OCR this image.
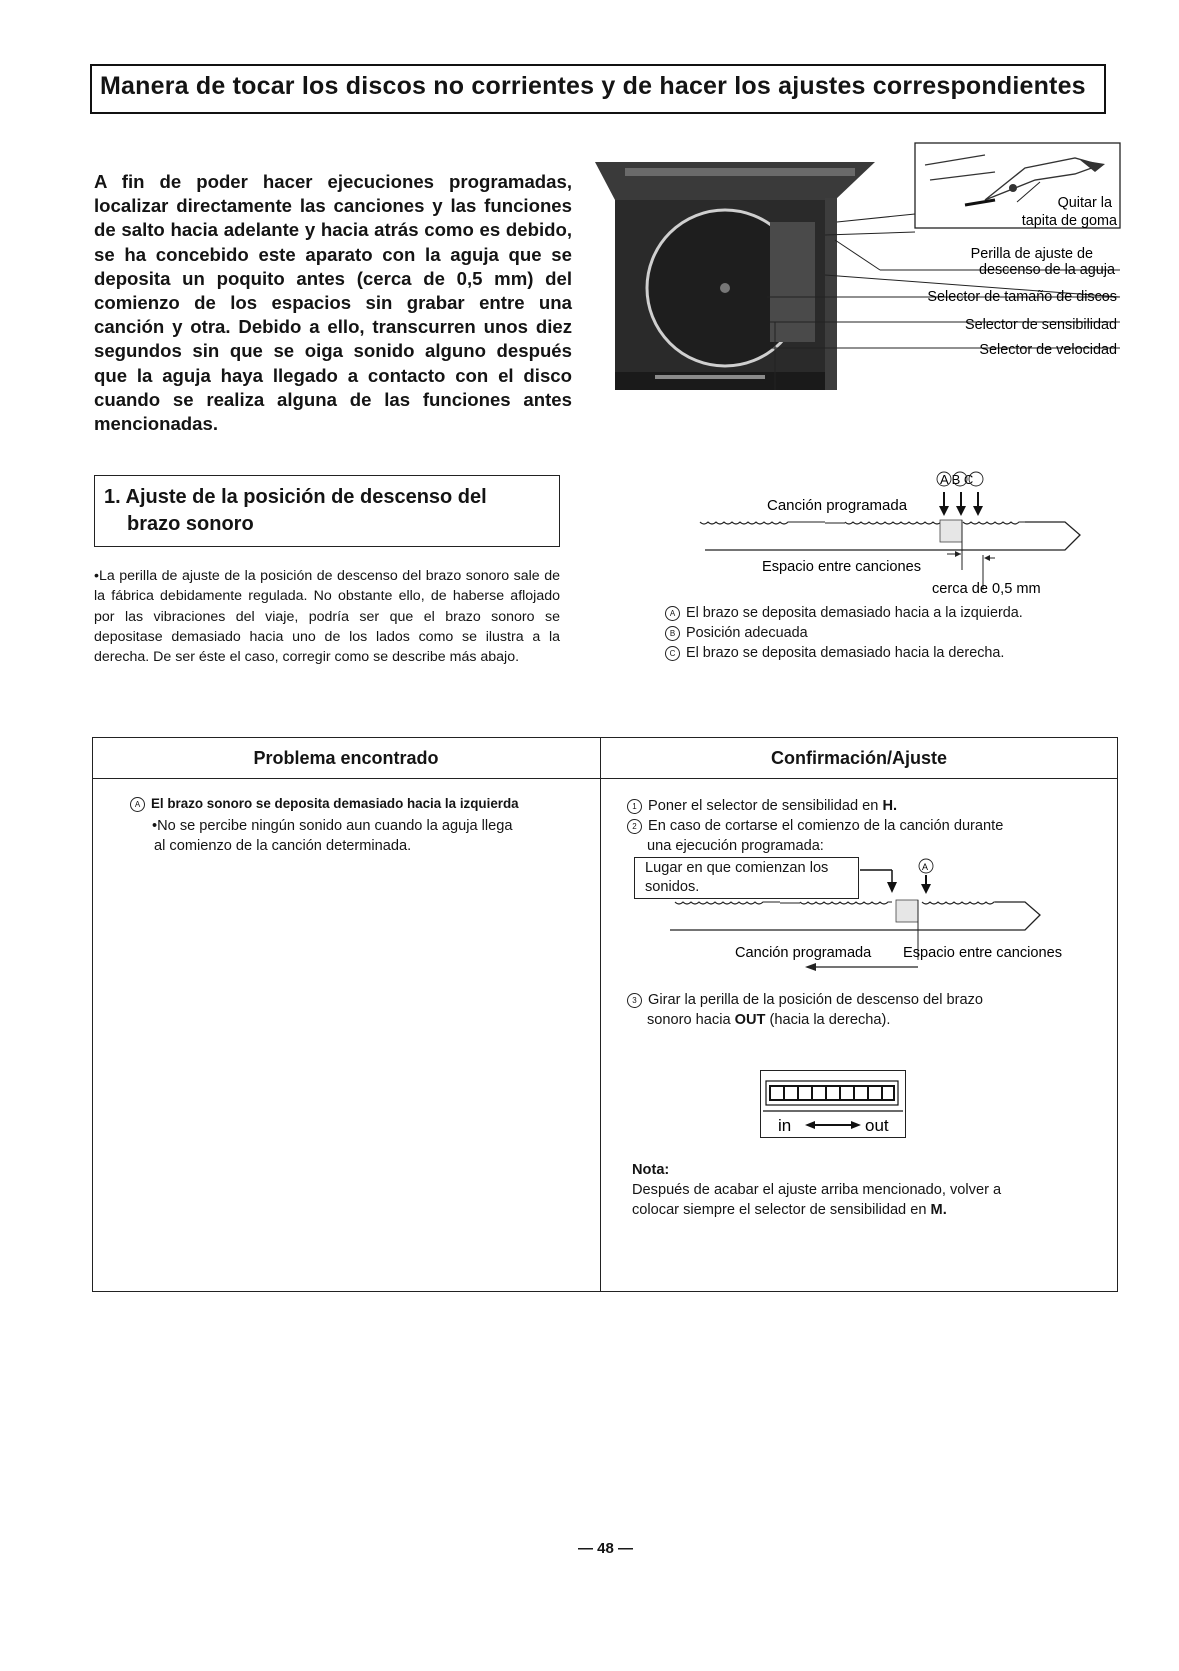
Manera de tocar los discos no corrientes y de hacer los ajustes correspondientes
A fin de poder hacer ejecuciones programadas, localizar directamente las canciones y las funciones de salto hacia adelante y hacia atrás como es debido, se ha concebido este aparato con la aguja que se deposita un poquito antes (cerca de 0,5 mm) del comienzo de los espacios sin grabar entre una canción y otra. Debido a ello, transcurren unos diez segundos sin que se oiga sonido alguno después que la aguja haya llegado a contacto con el disco cuando se realiza alguna de las funciones antes mencionadas.
Quitar la
tapita de goma
Perilla de ajuste de
descenso de la aguja
Selector de tamaño de discos
Selector de sensibilidad
Selector de velocidad
1. Ajuste de la posición de descenso del
brazo sonoro
•La perilla de ajuste de la posición de descenso del brazo sonoro sale de la fábrica debidamente regulada. No obstante ello, de haberse aflojado por las vibraciones del viaje, podría ser que el brazo sonoro se depositase demasiado hacia uno de los lados como se ilustra a la derecha. De ser éste el caso, corregir como se describe más abajo.
A B C
Canción programada
Espacio entre canciones
cerca de 0,5 mm
A El brazo se deposita demasiado hacia a la izquierda.
B Posición adecuada
C El brazo se deposita demasiado hacia la derecha.
Problema encontrado	Confirmación/Ajuste
A El brazo sonoro se deposita demasiado hacia la izquierda
•No se percibe ningún sonido aun cuando la aguja llega
al comienzo de la canción determinada.
1 Poner el selector de sensibilidad en H.
2 En caso de cortarse el comienzo de la canción durante
una ejecución programada:
Lugar en que comienzan los
sonidos.
A
Canción programada Espacio entre canciones
3 Girar la perilla de la posición de descenso del brazo
sonoro hacia OUT (hacia la derecha).
in	out
Nota:
Después de acabar el ajuste arriba mencionado, volver a
colocar siempre el selector de sensibilidad en M.
— 48 —
